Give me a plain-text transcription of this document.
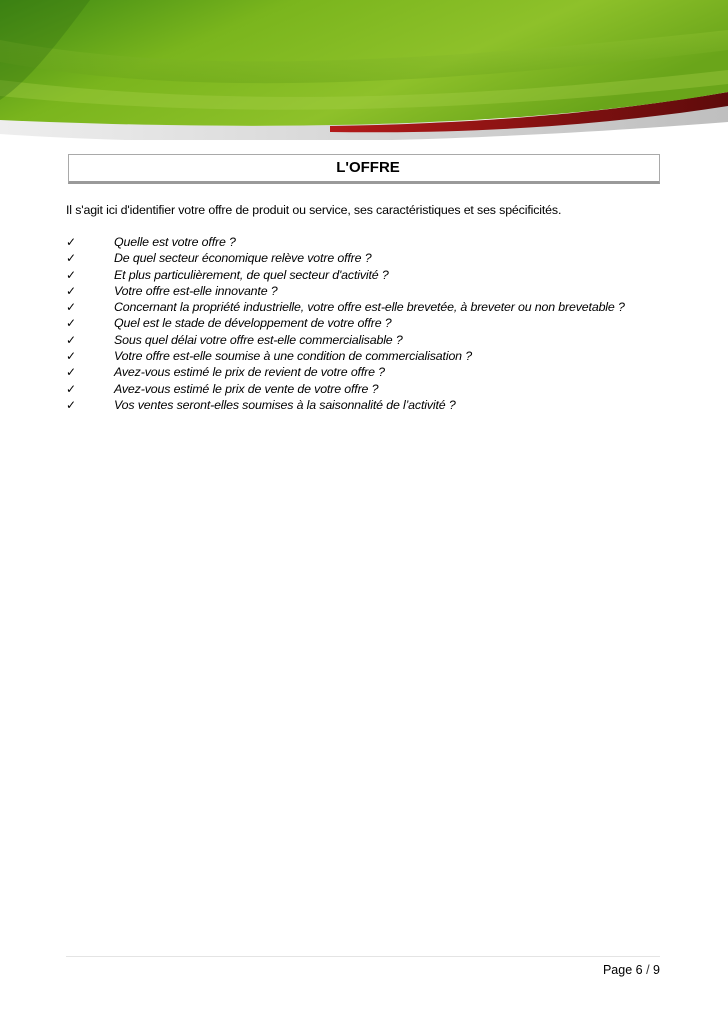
L'OFFRE
Il s'agit ici d'identifier votre offre de produit ou service, ses caractéristiques et ses spécificités.
✓	Quelle est votre offre ?
✓	De quel secteur économique relève votre offre ?
✓	Et plus particulièrement, de quel secteur d'activité ?
✓	Votre offre est-elle innovante ?
✓	Concernant la propriété industrielle, votre offre est-elle brevetée, à breveter ou non brevetable ?
✓	Quel est le stade de développement de votre offre ?
✓	Sous quel délai votre offre est-elle commercialisable ?
✓	Votre offre est-elle soumise à une condition de commercialisation ?
✓	Avez-vous estimé le prix de revient de votre offre ?
✓	Avez-vous estimé le prix de vente de votre offre ?
✓	Vos ventes seront-elles soumises à la saisonnalité de l’activité ?
Page 6 / 9
